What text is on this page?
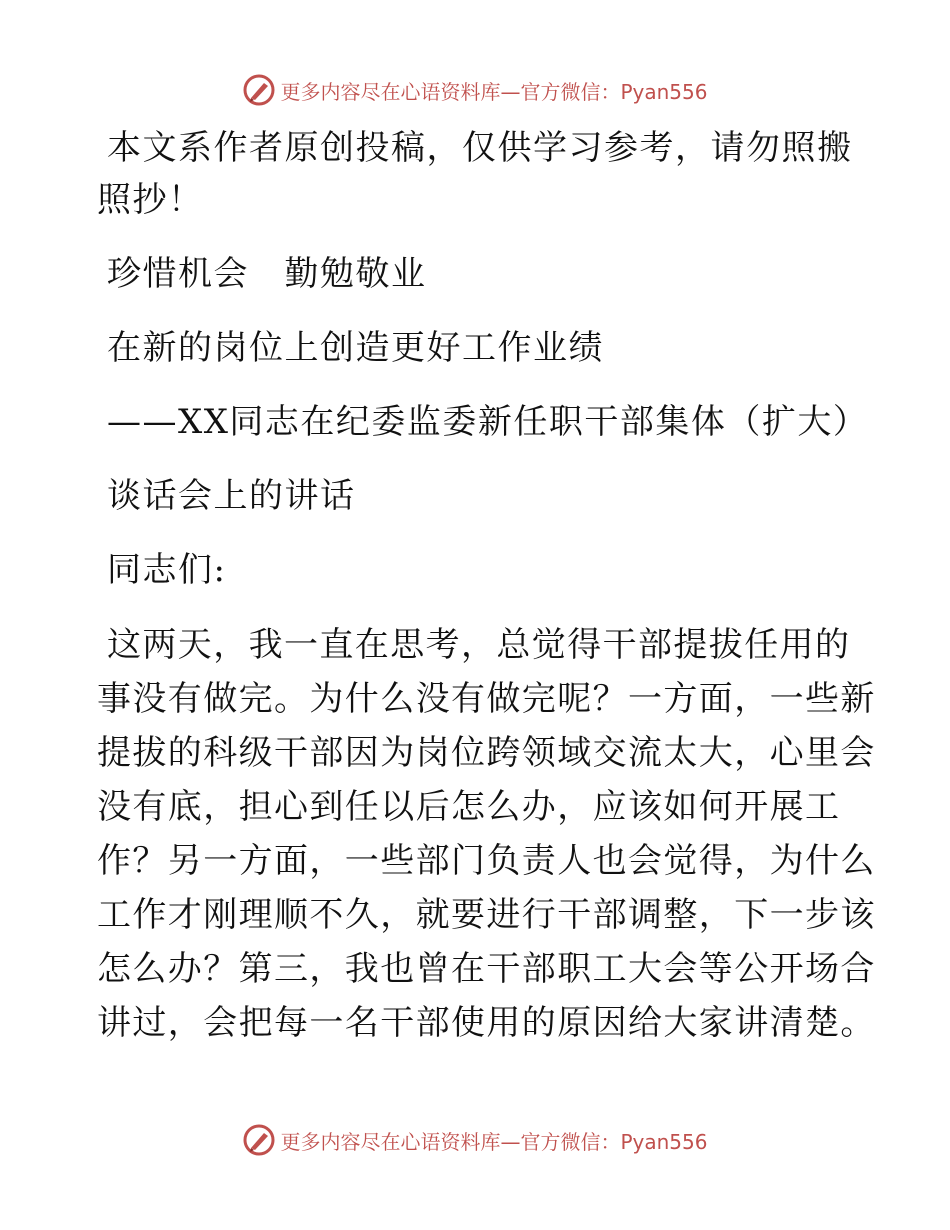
更多内容尽在心语资料库—官方微信：Pyan556
本文系作者原创投稿，仅供学习参考，请勿照搬
照抄！
珍惜机会　勤勉敬业
在新的岗位上创造更好工作业绩
——XX同志在纪委监委新任职干部集体（扩大）
谈话会上的讲话
同志们:
这两天，我一直在思考，总觉得干部提拔任用的
事没有做完。为什么没有做完呢？一方面，一些新
提拔的科级干部因为岗位跨领域交流太大，心里会
没有底，担心到任以后怎么办，应该如何开展工
作？另一方面，一些部门负责人也会觉得，为什么
工作才刚理顺不久，就要进行干部调整，下一步该
怎么办？第三，我也曾在干部职工大会等公开场合
讲过，会把每一名干部使用的原因给大家讲清楚。
更多内容尽在心语资料库—官方微信：Pyan556
